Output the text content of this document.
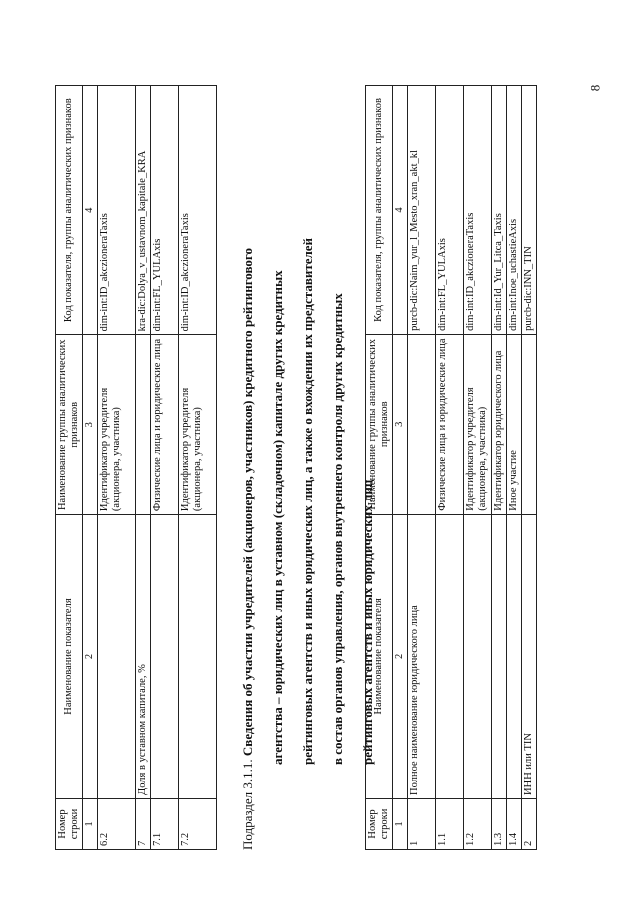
8
Номер строки	Наименование показателя	Наименование группы аналитических признаков	Код показателя, группы аналитических признаков
1	2	3	4
6.2		Идентификатор учредителя (акционера, участника)	dim-int:ID_akczioneraTaxis
7	Доля в уставном капитале, %		kra-dic:Dolya_v_ustavnom_kapitale_KRA
7.1		Физические лица и юридические лица	dim-int:FL_YULAxis
7.2		Идентификатор учредителя (акционера, участника)	dim-int:ID_akczioneraTaxis
Подраздел 3.1.1. Сведения об участии учредителей (акционеров, участников) кредитного рейтингового	агентства – юридических лиц в уставном (складочном) капитале других кредитных	рейтинговых агентств и иных юридических лиц, а также о вхождении их представителей	в состав органов управления, органов внутреннего контроля других кредитных	рейтинговых агентств и иных юридических лиц
Номер строки	Наименование показателя	Наименование группы аналитических признаков	Код показателя, группы аналитических признаков
1	2	3	4
1	Полное наименование юридического лица		purcb-dic:Naim_yur_l_Mesto_xran_akt_kl
1.1		Физические лица и юридические лица	dim-int:FL_YULAxis
1.2		Идентификатор учредителя (акционера, участника)	dim-int:ID_akczioneraTaxis
1.3		Идентификатор юридического лица	dim-int:Id_Yur_Litca_Taxis
1.4		Иное участие	dim-int:Inoe_uchastieAxis
2	ИНН или TIN		purcb-dic:INN_TIN
